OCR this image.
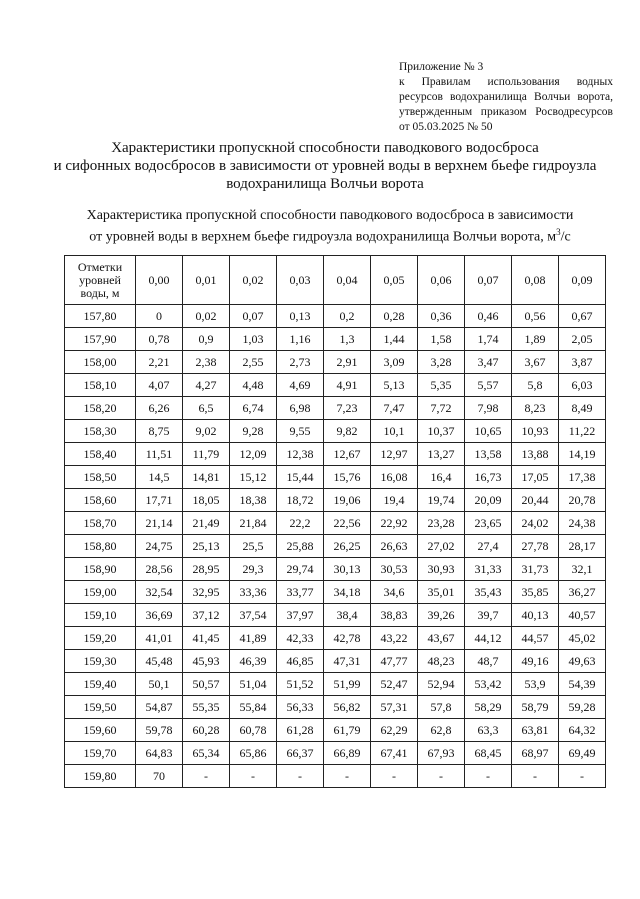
Приложение № 3
к Правилам использования водных
ресурсов водохранилища Волчьи ворота,
утвержденным приказом Росводресурсов
от 05.03.2025 № 50
Характеристики пропускной способности паводкового водосброса
и сифонных водосбросов в зависимости от уровней воды в верхнем бьефе гидроузла
водохранилища Волчьи ворота
Характеристика пропускной способности паводкового водосброса в зависимости
от уровней воды в верхнем бьефе гидроузла водохранилища Волчьи ворота, $м^3/с$
Отметки
уровней
воды, м	0,00	0,01	0,02	0,03	0,04	0,05	0,06	0,07	0,08	0,09
157,80	0	0,02	0,07	0,13	0,2	0,28	0,36	0,46	0,56	0,67
157,90	0,78	0,9	1,03	1,16	1,3	1,44	1,58	1,74	1,89	2,05
158,00	2,21	2,38	2,55	2,73	2,91	3,09	3,28	3,47	3,67	3,87
158,10	4,07	4,27	4,48	4,69	4,91	5,13	5,35	5,57	5,8	6,03
158,20	6,26	6,5	6,74	6,98	7,23	7,47	7,72	7,98	8,23	8,49
158,30	8,75	9,02	9,28	9,55	9,82	10,1	10,37	10,65	10,93	11,22
158,40	11,51	11,79	12,09	12,38	12,67	12,97	13,27	13,58	13,88	14,19
158,50	14,5	14,81	15,12	15,44	15,76	16,08	16,4	16,73	17,05	17,38
158,60	17,71	18,05	18,38	18,72	19,06	19,4	19,74	20,09	20,44	20,78
158,70	21,14	21,49	21,84	22,2	22,56	22,92	23,28	23,65	24,02	24,38
158,80	24,75	25,13	25,5	25,88	26,25	26,63	27,02	27,4	27,78	28,17
158,90	28,56	28,95	29,3	29,74	30,13	30,53	30,93	31,33	31,73	32,1
159,00	32,54	32,95	33,36	33,77	34,18	34,6	35,01	35,43	35,85	36,27
159,10	36,69	37,12	37,54	37,97	38,4	38,83	39,26	39,7	40,13	40,57
159,20	41,01	41,45	41,89	42,33	42,78	43,22	43,67	44,12	44,57	45,02
159,30	45,48	45,93	46,39	46,85	47,31	47,77	48,23	48,7	49,16	49,63
159,40	50,1	50,57	51,04	51,52	51,99	52,47	52,94	53,42	53,9	54,39
159,50	54,87	55,35	55,84	56,33	56,82	57,31	57,8	58,29	58,79	59,28
159,60	59,78	60,28	60,78	61,28	61,79	62,29	62,8	63,3	63,81	64,32
159,70	64,83	65,34	65,86	66,37	66,89	67,41	67,93	68,45	68,97	69,49
159,80	70	-	-	-	-	-	-	-	-	-
